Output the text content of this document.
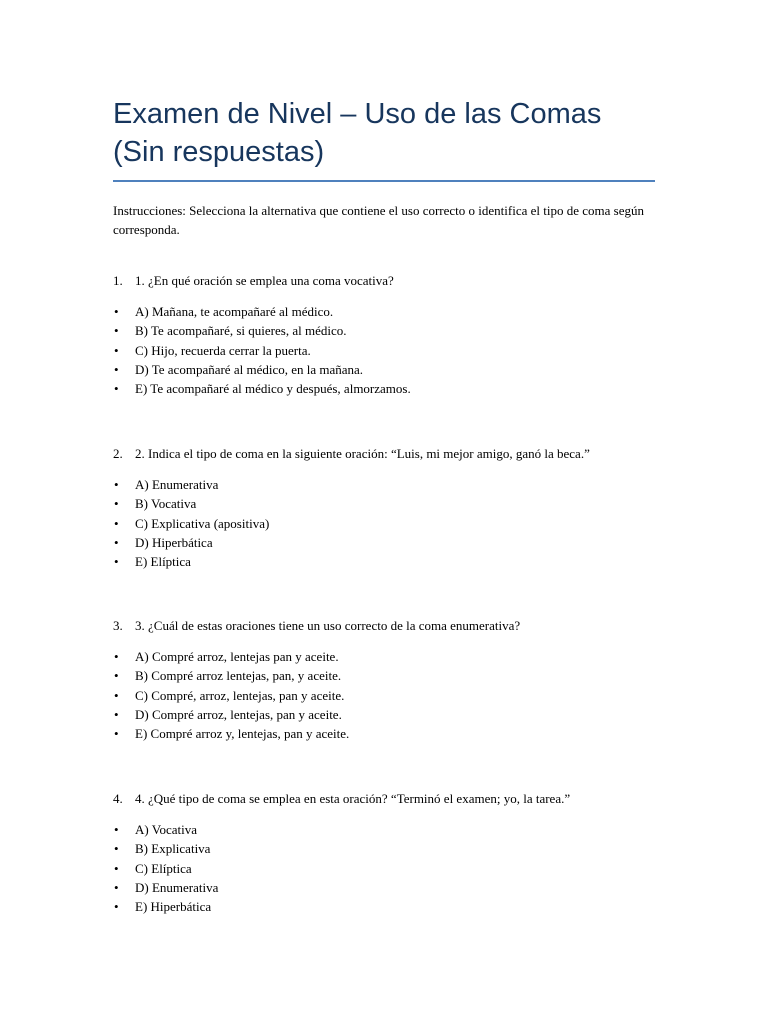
Examen de Nivel – Uso de las Comas (Sin respuestas)

Instrucciones: Selecciona la alternativa que contiene el uso correcto o identifica el tipo de coma según corresponda.

1. 1. ¿En qué oración se emplea una coma vocativa?
• A) Mañana, te acompañaré al médico.
• B) Te acompañaré, si quieres, al médico.
• C) Hijo, recuerda cerrar la puerta.
• D) Te acompañaré al médico, en la mañana.
• E) Te acompañaré al médico y después, almorzamos.
2. 2. Indica el tipo de coma en la siguiente oración: “Luis, mi mejor amigo, ganó la beca.”
• A) Enumerativa
• B) Vocativa
• C) Explicativa (apositiva)
• D) Hiperbática
• E) Elíptica
3. 3. ¿Cuál de estas oraciones tiene un uso correcto de la coma enumerativa?
• A) Compré arroz, lentejas pan y aceite.
• B) Compré arroz lentejas, pan, y aceite.
• C) Compré, arroz, lentejas, pan y aceite.
• D) Compré arroz, lentejas, pan y aceite.
• E) Compré arroz y, lentejas, pan y aceite.
4. 4. ¿Qué tipo de coma se emplea en esta oración? “Terminó el examen; yo, la tarea.”
• A) Vocativa
• B) Explicativa
• C) Elíptica
• D) Enumerativa
• E) Hiperbática
